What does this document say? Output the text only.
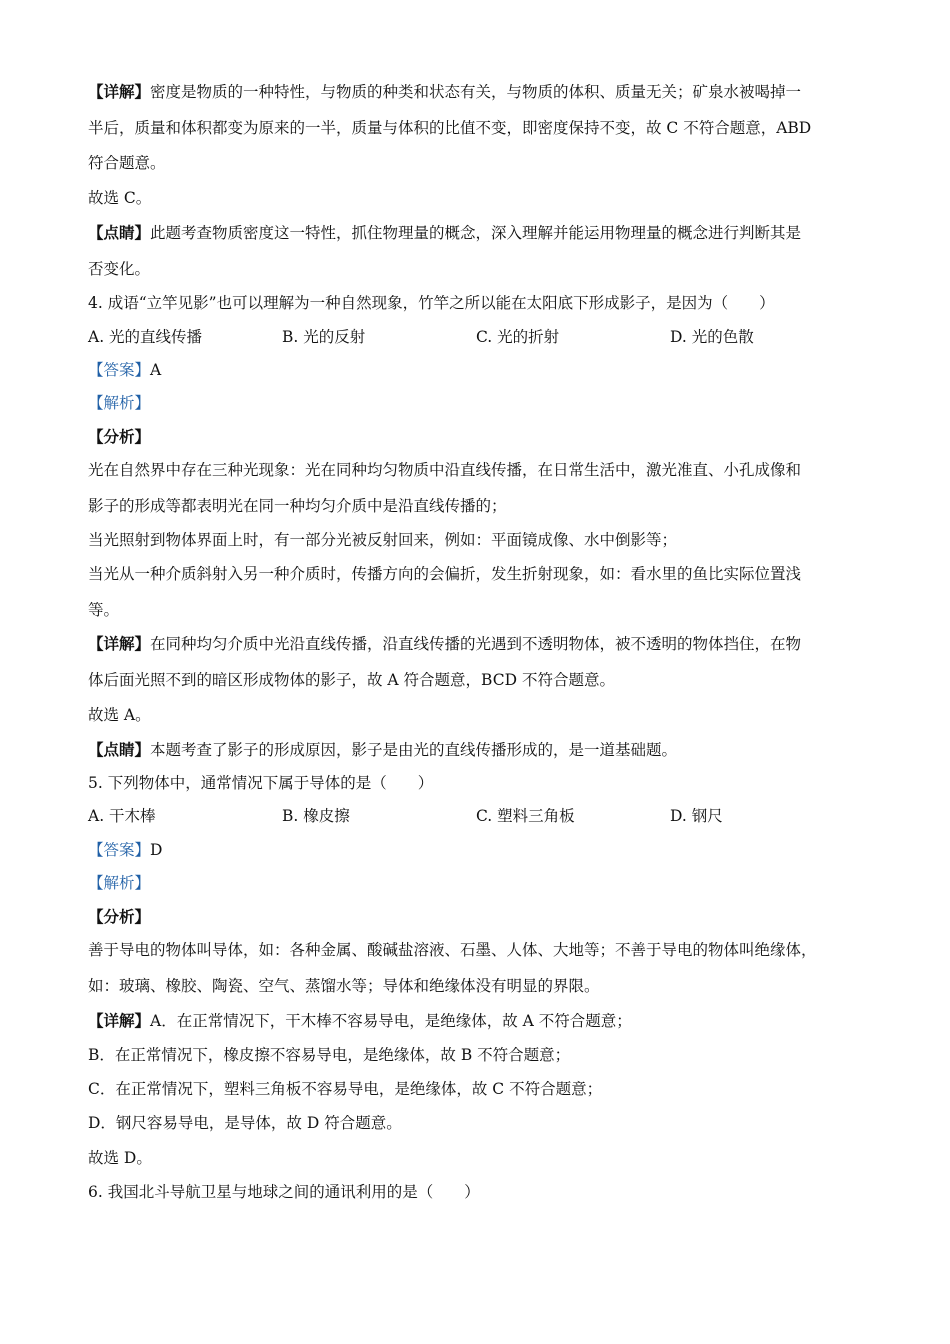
【详解】密度是物质的一种特性，与物质的种类和状态有关，与物质的体积、质量无关；矿泉水被喝掉一
半后，质量和体积都变为原来的一半，质量与体积的比值不变，即密度保持不变，故 C 不符合题意，ABD
符合题意。
故选 C。
【点睛】此题考查物质密度这一特性，抓住物理量的概念，深入理解并能运用物理量的概念进行判断其是
否变化。
4. 成语“立竿见影”也可以理解为一种自然现象，竹竿之所以能在太阳底下形成影子，是因为（　　）
A. 光的直线传播	B. 光的反射	C. 光的折射	D. 光的色散
【答案】A
【解析】
【分析】
光在自然界中存在三种光现象：光在同种均匀物质中沿直线传播，在日常生活中，激光准直、小孔成像和
影子的形成等都表明光在同一种均匀介质中是沿直线传播的；
当光照射到物体界面上时，有一部分光被反射回来，例如：平面镜成像、水中倒影等；
当光从一种介质斜射入另一种介质时，传播方向的会偏折，发生折射现象，如：看水里的鱼比实际位置浅
等。
【详解】在同种均匀介质中光沿直线传播，沿直线传播的光遇到不透明物体，被不透明的物体挡住，在物
体后面光照不到的暗区形成物体的影子，故 A 符合题意，BCD 不符合题意。
故选 A。
【点睛】本题考查了影子的形成原因，影子是由光的直线传播形成的，是一道基础题。
5. 下列物体中，通常情况下属于导体的是（　　）
A. 干木棒	B. 橡皮擦	C. 塑料三角板	D. 钢尺
【答案】D
【解析】
【分析】
善于导电的物体叫导体，如：各种金属、酸碱盐溶液、石墨、人体、大地等；不善于导电的物体叫绝缘体，
如：玻璃、橡胶、陶瓷、空气、蒸馏水等；导体和绝缘体没有明显的界限。
【详解】A．在正常情况下，干木棒不容易导电，是绝缘体，故 A 不符合题意；
B．在正常情况下，橡皮擦不容易导电，是绝缘体，故 B 不符合题意；
C．在正常情况下，塑料三角板不容易导电，是绝缘体，故 C 不符合题意；
D．钢尺容易导电，是导体，故 D 符合题意。
故选 D。
6. 我国北斗导航卫星与地球之间的通讯利用的是（　　）
